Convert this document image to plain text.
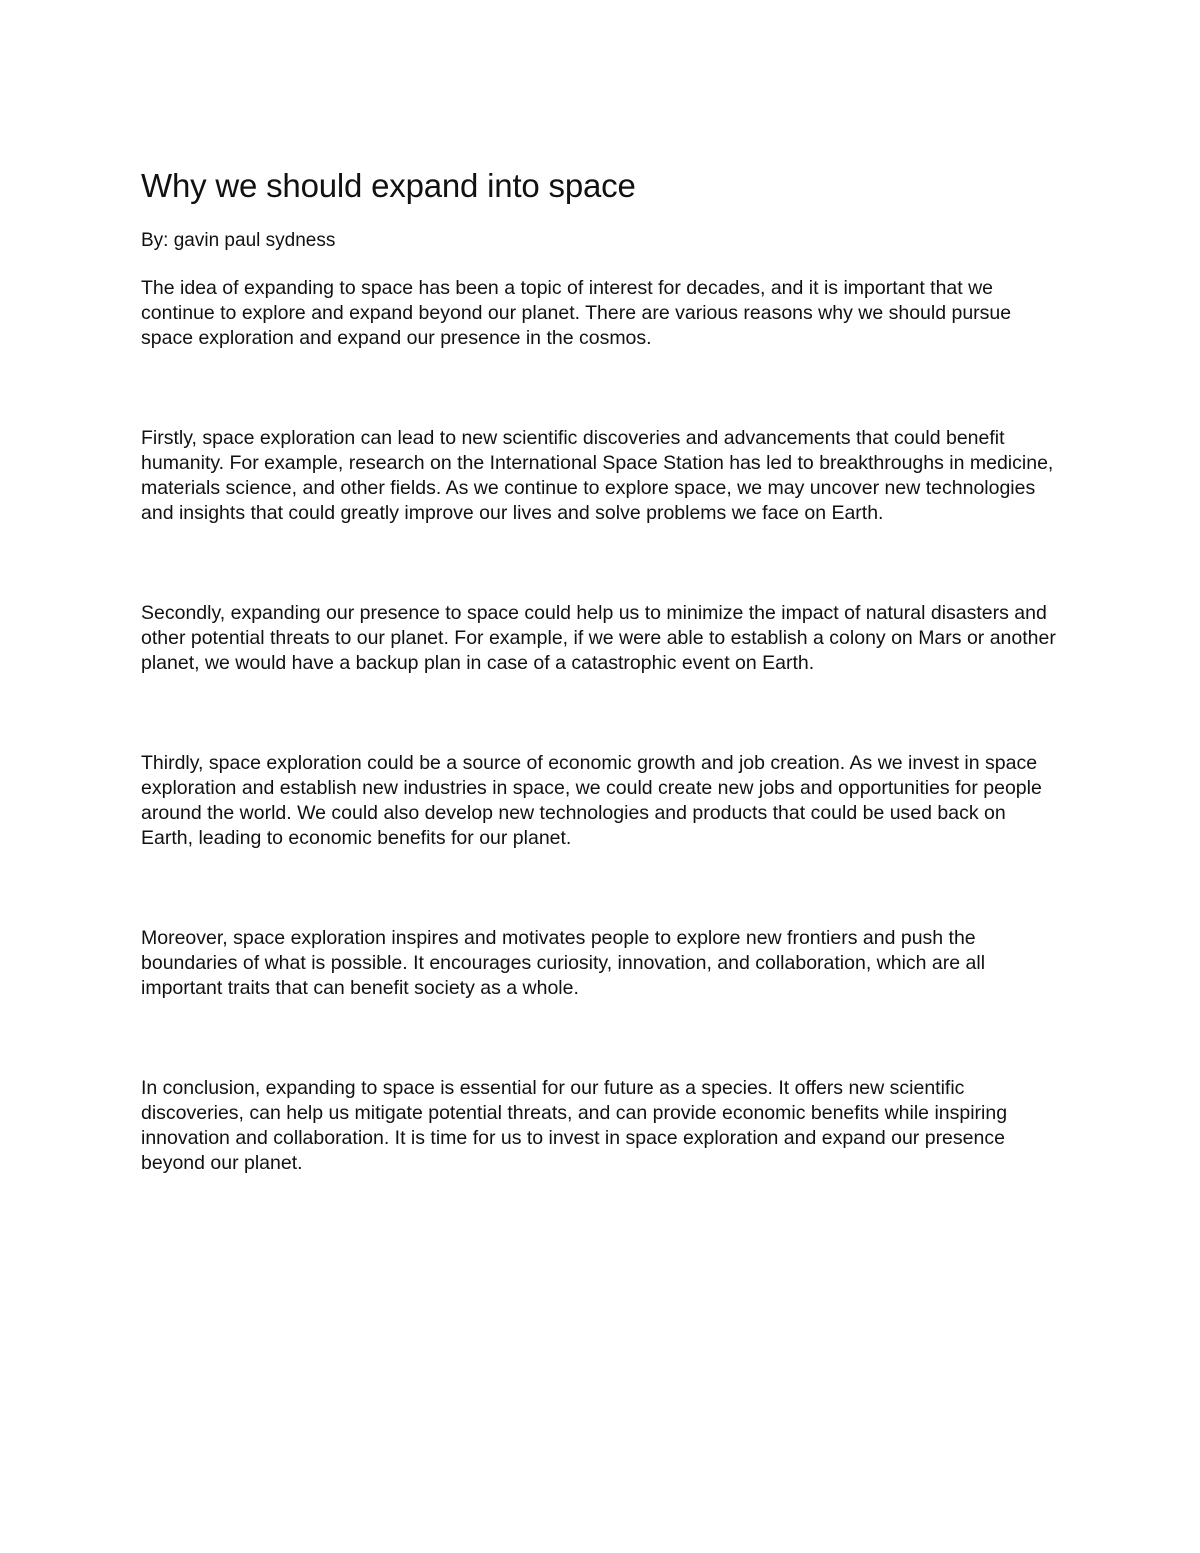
Why we should expand into space

By: gavin paul sydness

The idea of expanding to space has been a topic of interest for decades, and it is important that we continue to explore and expand beyond our planet. There are various reasons why we should pursue space exploration and expand our presence in the cosmos.

Firstly, space exploration can lead to new scientific discoveries and advancements that could benefit humanity. For example, research on the International Space Station has led to breakthroughs in medicine, materials science, and other fields. As we continue to explore space, we may uncover new technologies and insights that could greatly improve our lives and solve problems we face on Earth.

Secondly, expanding our presence to space could help us to minimize the impact of natural disasters and other potential threats to our planet. For example, if we were able to establish a colony on Mars or another planet, we would have a backup plan in case of a catastrophic event on Earth.

Thirdly, space exploration could be a source of economic growth and job creation. As we invest in space exploration and establish new industries in space, we could create new jobs and opportunities for people around the world. We could also develop new technologies and products that could be used back on Earth, leading to economic benefits for our planet.

Moreover, space exploration inspires and motivates people to explore new frontiers and push the boundaries of what is possible. It encourages curiosity, innovation, and collaboration, which are all important traits that can benefit society as a whole.

In conclusion, expanding to space is essential for our future as a species. It offers new scientific discoveries, can help us mitigate potential threats, and can provide economic benefits while inspiring innovation and collaboration. It is time for us to invest in space exploration and expand our presence beyond our planet.
